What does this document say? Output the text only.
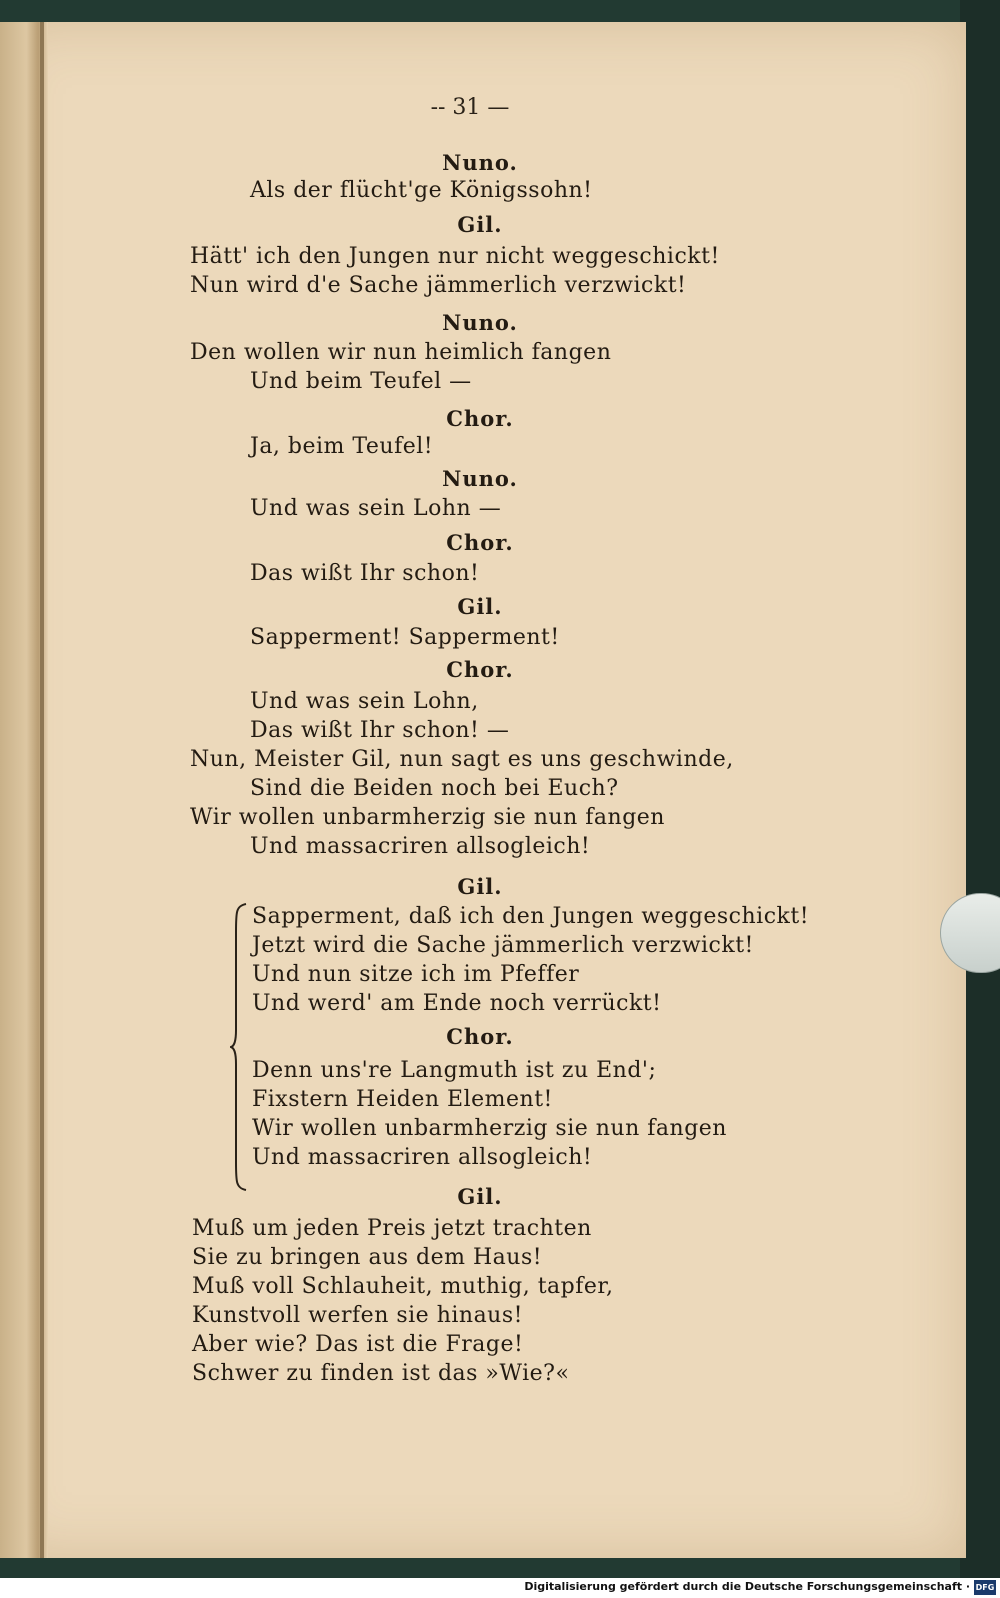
-- 31 —
Nuno.
Als der flücht'ge Königssohn!
Gil.
Hätt' ich den Jungen nur nicht weggeschickt!
Nun wird d'e Sache jämmerlich verzwickt!
Nuno.
Den wollen wir nun heimlich fangen
Und beim Teufel —
Chor.
Ja, beim Teufel!
Nuno.
Und was sein Lohn —
Chor.
Das wißt Ihr schon!
Gil.
Sapperment! Sapperment!
Chor.
Und was sein Lohn,
Das wißt Ihr schon! —
Nun, Meister Gil, nun sagt es uns geschwinde,
Sind die Beiden noch bei Euch?
Wir wollen unbarmherzig sie nun fangen
Und massacriren allsogleich!
Gil.
Sapperment, daß ich den Jungen weggeschickt!
Jetzt wird die Sache jämmerlich verzwickt!
Und nun sitze ich im Pfeffer
Und werd' am Ende noch verrückt!
Chor.
Denn uns're Langmuth ist zu End';
Fixstern Heiden Element!
Wir wollen unbarmherzig sie nun fangen
Und massacriren allsogleich!
Gil.
Muß um jeden Preis jetzt trachten
Sie zu bringen aus dem Haus!
Muß voll Schlauheit, muthig, tapfer,
Kunstvoll werfen sie hinaus!
Aber wie? Das ist die Frage!
Schwer zu finden ist das »Wie?«
Digitalisierung gefördert durch die Deutsche Forschungsgemeinschaft · DFG
